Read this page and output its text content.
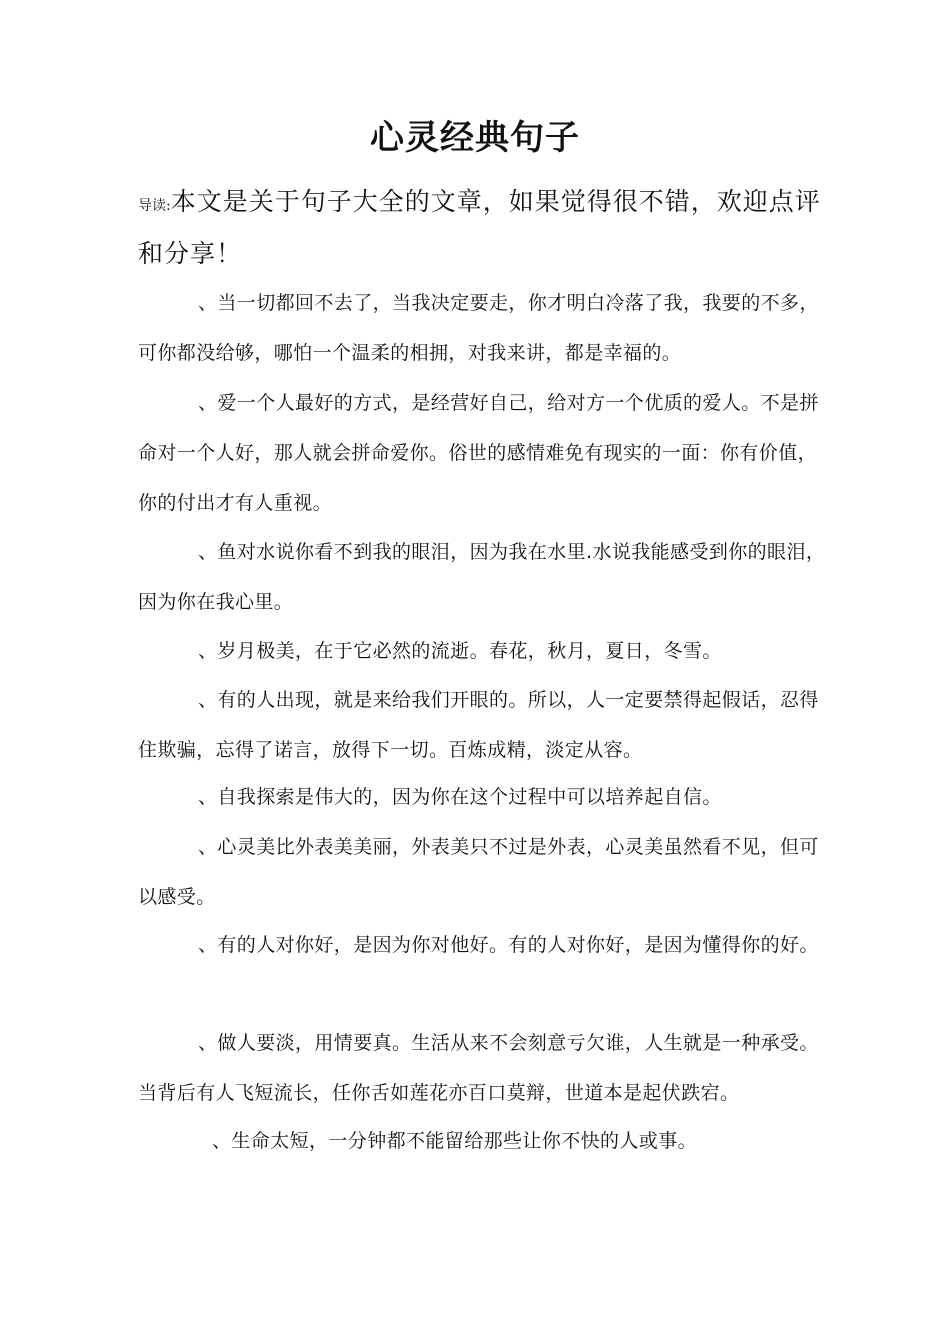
心灵经典句子
导读:本文是关于句子大全的文章，如果觉得很不错，欢迎点评和分享！

、当一切都回不去了，当我决定要走，你才明白冷落了我，我要的不多，可你都没给够，哪怕一个温柔的相拥，对我来讲，都是幸福的。

、爱一个人最好的方式，是经营好自己，给对方一个优质的爱人。不是拼命对一个人好，那人就会拼命爱你。俗世的感情难免有现实的一面：你有价值，你的付出才有人重视。

、鱼对水说你看不到我的眼泪，因为我在水里.水说我能感受到你的眼泪，因为你在我心里。

、岁月极美，在于它必然的流逝。春花，秋月，夏日，冬雪。

、有的人出现，就是来给我们开眼的。所以，人一定要禁得起假话，忍得住欺骗，忘得了诺言，放得下一切。百炼成精，淡定从容。

、自我探索是伟大的，因为你在这个过程中可以培养起自信。

、心灵美比外表美美丽，外表美只不过是外表，心灵美虽然看不见，但可以感受。

、有的人对你好，是因为你对他好。有的人对你好，是因为懂得你的好。

、做人要淡，用情要真。生活从来不会刻意亏欠谁，人生就是一种承受。当背后有人飞短流长，任你舌如莲花亦百口莫辩，世道本是起伏跌宕。

、生命太短，一分钟都不能留给那些让你不快的人或事。
